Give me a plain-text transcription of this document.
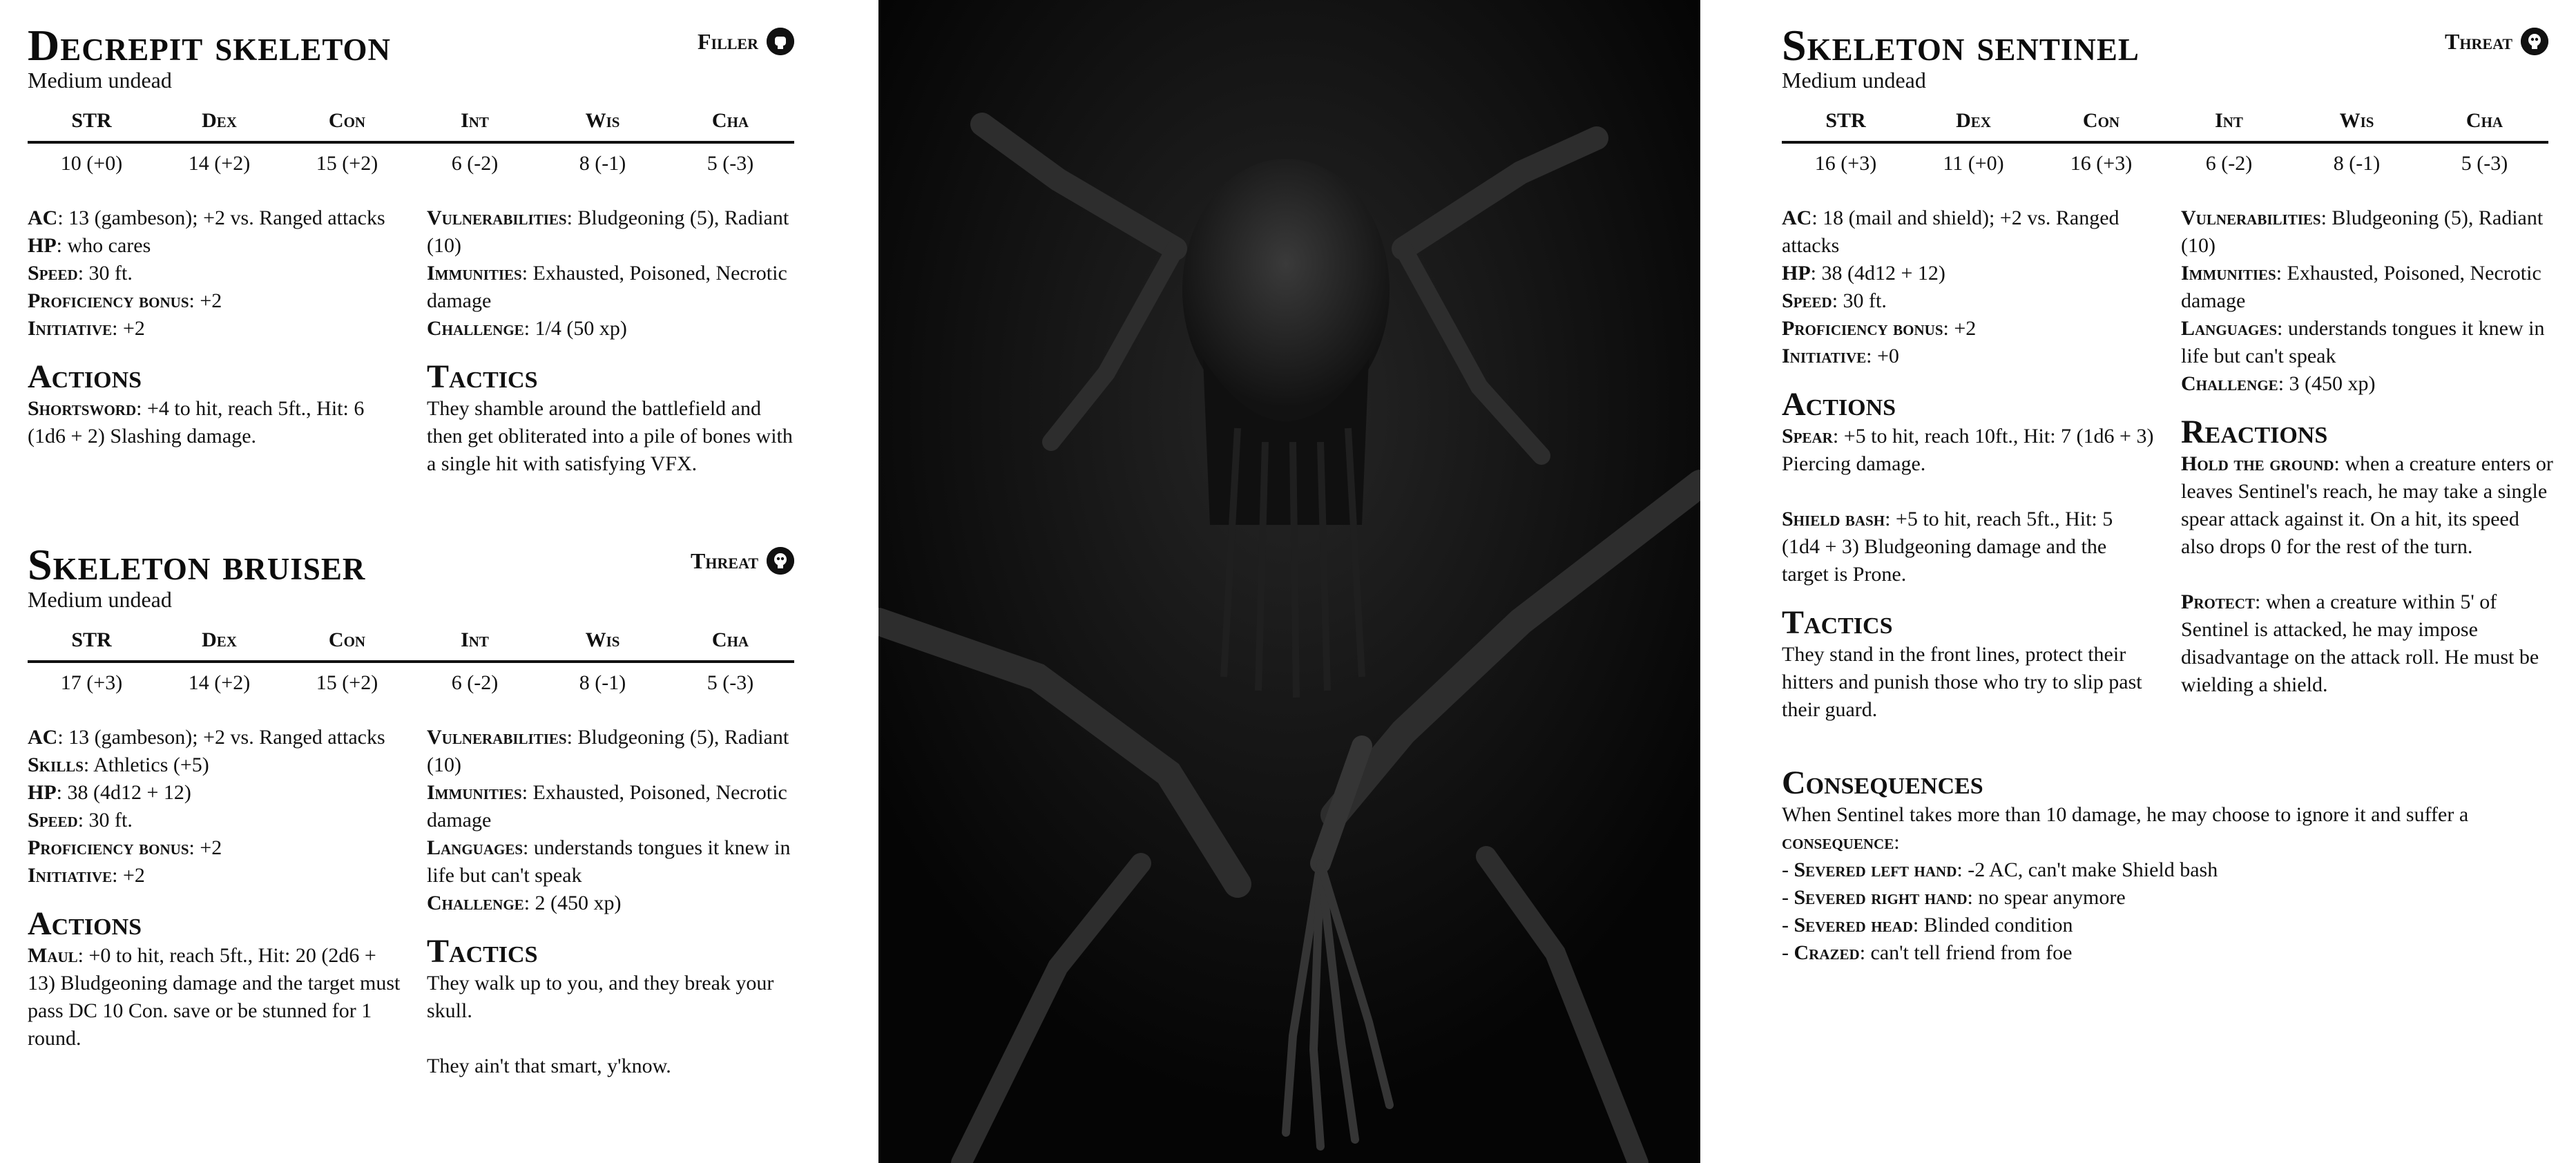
Decrepit skeleton	Filler
Medium undead
STR	Dex	Con	Int	Wis	Cha
10 (+0)	14 (+2)	15 (+2)	6 (-2)	8 (-1)	5 (-3)

AC: 13 (gambeson); +2 vs. Ranged attacks

HP: who cares

Speed: 30 ft.

Proficiency bonus: +2

Initiative: +2

Actions

Shortsword: +4 to hit, reach 5ft., Hit: 6 (1d6 + 2) Slashing damage.

Vulnerabilities: Bludgeoning (5), Radiant (10)

Immunities: Exhausted, Poisoned, Necrotic damage

Challenge: 1/4 (50 xp)

Tactics

They shamble around the battlefield and then get obliterated into a pile of bones with a single hit with satisfying VFX.

Skeleton bruiser	Threat
Medium undead
STR	Dex	Con	Int	Wis	Cha
17 (+3)	14 (+2)	15 (+2)	6 (-2)	8 (-1)	5 (-3)

AC: 13 (gambeson); +2 vs. Ranged attacks

Skills: Athletics (+5)

HP: 38 (4d12 + 12)

Speed: 30 ft.

Proficiency bonus: +2

Initiative: +2

Actions

Maul: +0 to hit, reach 5ft., Hit: 20 (2d6 + 13) Bludgeoning damage and the target must pass DC 10 Con. save or be stunned for 1 round.

Vulnerabilities: Bludgeoning (5), Radiant (10)

Immunities: Exhausted, Poisoned, Necrotic damage

Languages: understands tongues it knew in life but can't speak

Challenge: 2 (450 xp)

Tactics

They walk up to you, and they break your skull.

They ain't that smart, y'know.

Skeleton sentinel	Threat
Medium undead
STR	Dex	Con	Int	Wis	Cha
16 (+3)	11 (+0)	16 (+3)	6 (-2)	8 (-1)	5 (-3)

AC: 18 (mail and shield); +2 vs. Ranged attacks

HP: 38 (4d12 + 12)

Speed: 30 ft.

Proficiency bonus: +2

Initiative: +0

Actions

Spear: +5 to hit, reach 10ft., Hit: 7 (1d6 + 3) Piercing damage.

Shield bash: +5 to hit, reach 5ft., Hit: 5 (1d4 + 3) Bludgeoning damage and the target is Prone.

Tactics

They stand in the front lines, protect their hitters and punish those who try to slip past their guard.

Vulnerabilities: Bludgeoning (5), Radiant (10)

Immunities: Exhausted, Poisoned, Necrotic damage

Languages: understands tongues it knew in life but can't speak

Challenge: 3 (450 xp)

Reactions

Hold the ground: when a creature enters or leaves Sentinel's reach, he may take a single spear attack against it. On a hit, its speed also drops 0 for the rest of the turn.

Protect: when a creature within 5' of Sentinel is attacked, he may impose disadvantage on the attack roll. He must be wielding a shield.

Consequences

When Sentinel takes more than 10 damage, he may choose to ignore it and suffer a consequence:

- Severed left hand: -2 AC, can't make Shield bash

- Severed right hand: no spear anymore

- Severed head: Blinded condition

- Crazed: can't tell friend from foe
